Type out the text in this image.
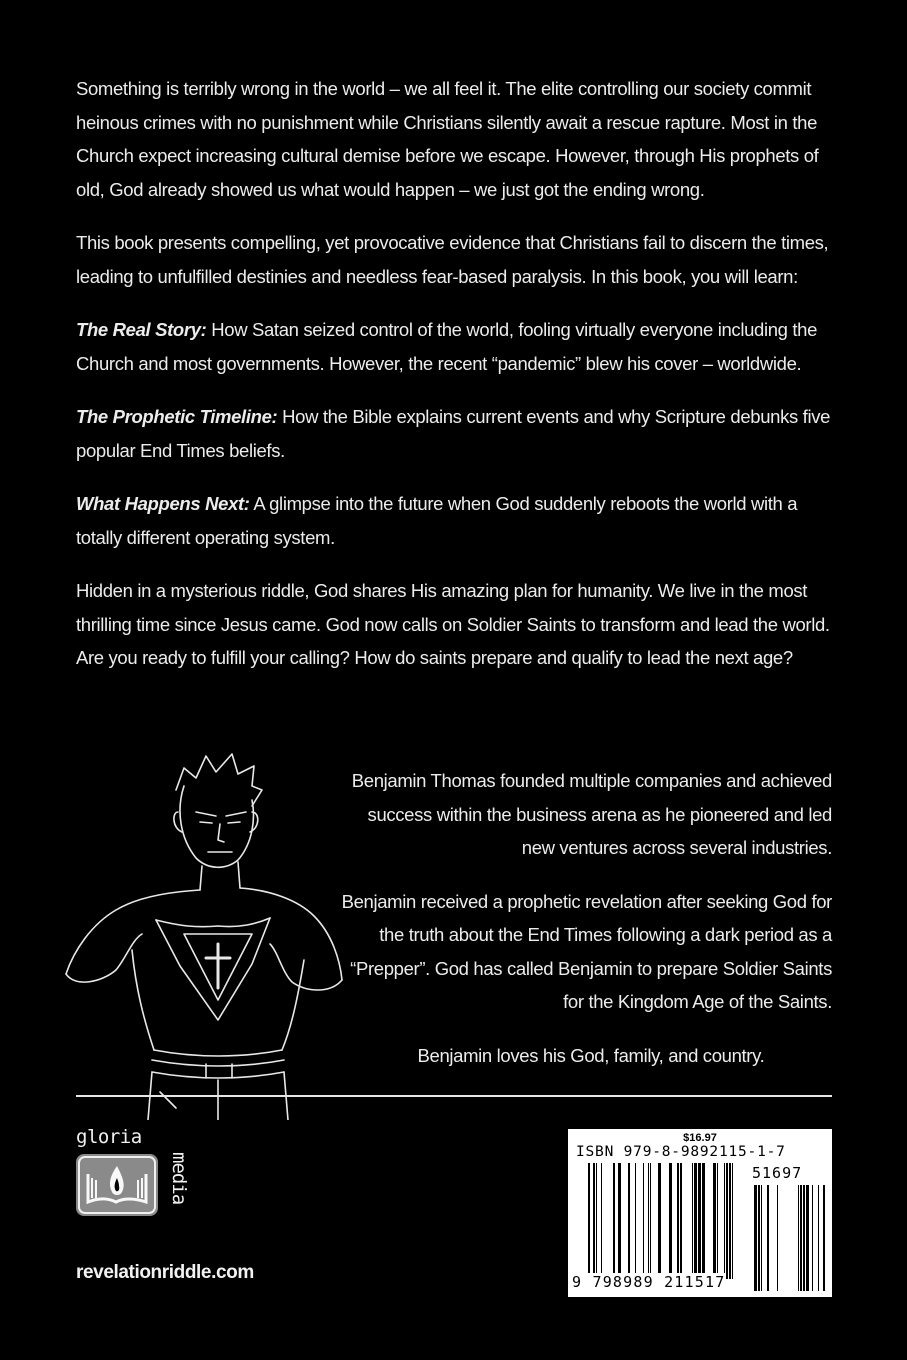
Something is terribly wrong in the world – we all feel it. The elite controlling our society commit heinous crimes with no punishment while Christians silently await a rescue rapture. Most in the Church expect increasing cultural demise before we escape. However, through His prophets of old, God already showed us what would happen – we just got the ending wrong.

This book presents compelling, yet provocative evidence that Christians fail to discern the times, leading to unfulfilled destinies and needless fear-based paralysis. In this book, you will learn:

The Real Story: How Satan seized control of the world, fooling virtually everyone including the Church and most governments. However, the recent “pandemic” blew his cover – worldwide.

The Prophetic Timeline: How the Bible explains current events and why Scripture debunks five popular End Times beliefs.

What Happens Next: A glimpse into the future when God suddenly reboots the world with a totally different operating system.

Hidden in a mysterious riddle, God shares His amazing plan for humanity. We live in the most thrilling time since Jesus came. God now calls on Soldier Saints to transform and lead the world. Are you ready to fulfill your calling? How do saints prepare and qualify to lead the next age?

Benjamin Thomas founded multiple companies and achieved success within the business arena as he pioneered and led new ventures across several industries.

Benjamin received a prophetic revelation after seeking God for the truth about the End Times following a dark period as a “Prepper”. God has called Benjamin to prepare Soldier Saints for the Kingdom Age of the Saints.

Benjamin loves his God, family, and country.

gloria
media
revelationriddle.com
$16.97
ISBN 979-8-9892115-1-7
51697
9 798989 211517
